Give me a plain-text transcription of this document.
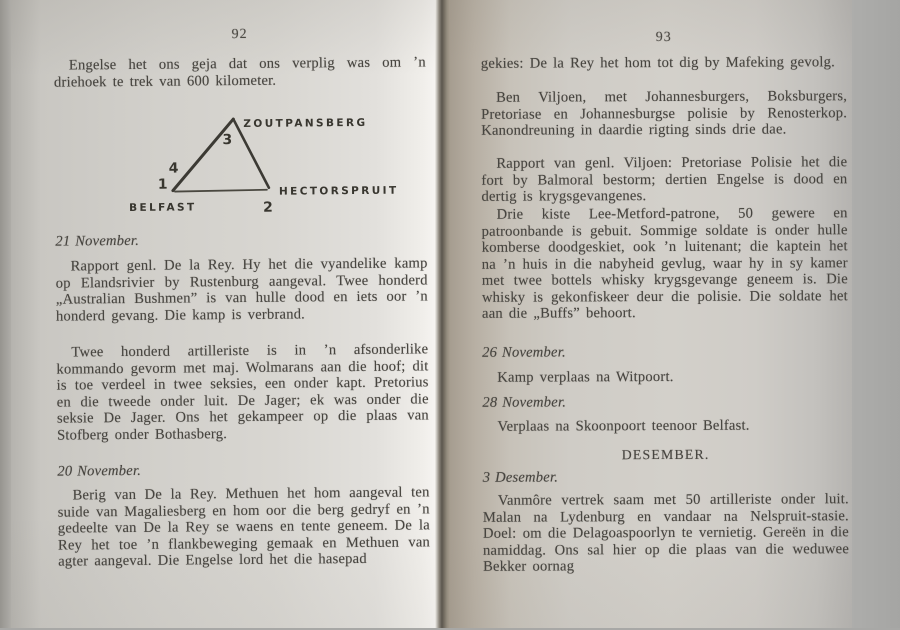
92
Engelse het ons geja dat ons verplig was om ’n driehoek te trek van 600 kilometer.
ZOUTPANSBERG
HECTORSPRUIT
BELFAST
3
4
1
2
21 November.
Rapport genl. De la Rey. Hy het die vyandelike kamp op Elandsrivier by Rustenburg aangeval. Twee honderd „Australian Bushmen” is van hulle dood en iets oor ’n honderd gevang. Die kamp is verbrand.
Twee honderd artilleriste is in ’n afsonderlike kommando gevorm met maj. Wolmarans aan die hoof; dit is toe verdeel in twee seksies, een onder kapt. Pretorius en die tweede onder luit. De Jager; ek was onder die seksie De Jager. Ons het gekampeer op die plaas van Stofberg onder Bothasberg.
20 November.
Berig van De la Rey. Methuen het hom aangeval ten suide van Magaliesberg en hom oor die berg gedryf en ’n gedeelte van De la Rey se waens en tente geneem. De la Rey het toe ’n flankbeweging gemaak en Methuen van agter aangeval. Die Engelse lord het die hasepad
93
gekies: De la Rey het hom tot dig by Mafeking gevolg.
Ben Viljoen, met Johannesburgers, Boksburgers, Pretoriase en Johannesburgse polisie by Renosterkop. Kanondreuning in daardie rigting sinds drie dae.
Rapport van genl. Viljoen: Pretoriase Polisie het die fort by Balmoral bestorm; dertien Engelse is dood en dertig is krygsgevangenes.
Drie kiste Lee-Metford-patrone, 50 gewere en patroonbande is gebuit. Sommige soldate is onder hulle komberse doodgeskiet, ook ’n luitenant; die kaptein het na ’n huis in die nabyheid gevlug, waar hy in sy kamer met twee bottels whisky krygsgevange geneem is. Die whisky is gekonfiskeer deur die polisie. Die soldate het aan die „Buffs” behoort.
26 November.
Kamp verplaas na Witpoort.
28 November.
Verplaas na Skoonpoort teenoor Belfast.
DESEMBER.
3 Desember.
Vanmôre vertrek saam met 50 artilleriste onder luit. Malan na Lydenburg en vandaar na Nelspruit-stasie. Doel: om die Delagoaspoorlyn te vernietig. Gereën in die namiddag. Ons sal hier op die plaas van die weduwee Bekker oornag
